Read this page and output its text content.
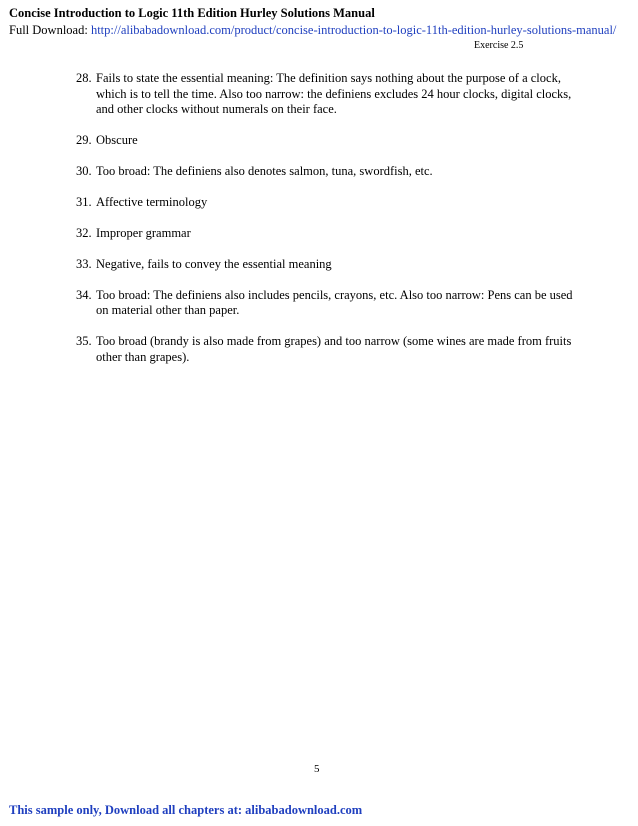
Concise Introduction to Logic 11th Edition Hurley Solutions Manual
Full Download: http://alibabadownload.com/product/concise-introduction-to-logic-11th-edition-hurley-solutions-manual/
Exercise 2.5
28. Fails to state the essential meaning: The definition says nothing about the purpose of a clock, which is to tell the time. Also too narrow: the definiens excludes 24 hour clocks, digital clocks, and other clocks without numerals on their face.
29. Obscure
30. Too broad: The definiens also denotes salmon, tuna, swordfish, etc.
31. Affective terminology
32. Improper grammar
33. Negative, fails to convey the essential meaning
34. Too broad: The definiens also includes pencils, crayons, etc. Also too narrow: Pens can be used on material other than paper.
35. Too broad (brandy is also made from grapes) and too narrow (some wines are made from fruits other than grapes).
5
This sample only, Download all chapters at: alibabadownload.com
